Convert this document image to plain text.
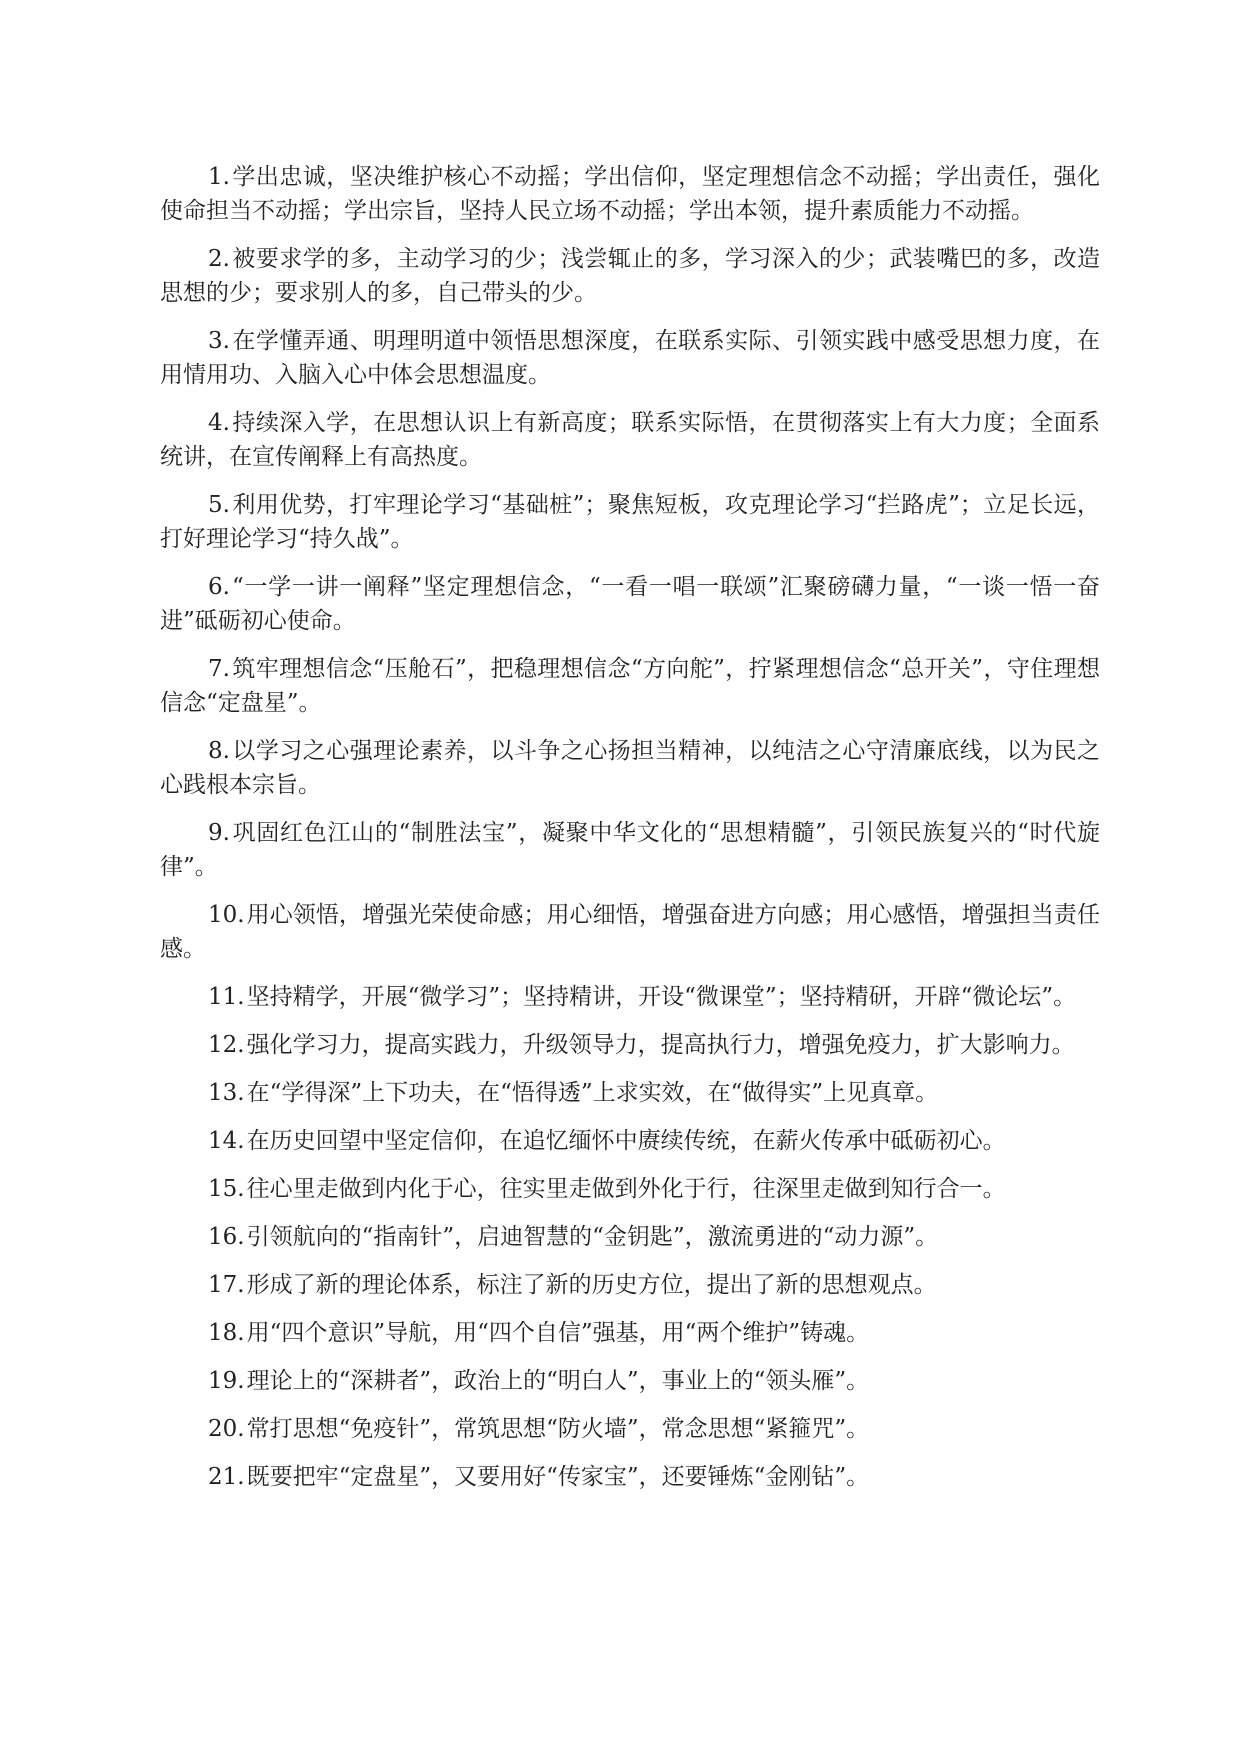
1.学出忠诚，坚决维护核心不动摇；学出信仰，坚定理想信念不动摇；学出责任，强化使命担当不动摇；学出宗旨，坚持人民立场不动摇；学出本领，提升素质能力不动摇。

2.被要求学的多，主动学习的少；浅尝辄止的多，学习深入的少；武装嘴巴的多，改造思想的少；要求别人的多，自己带头的少。

3.在学懂弄通、明理明道中领悟思想深度，在联系实际、引领实践中感受思想力度，在用情用功、入脑入心中体会思想温度。

4.持续深入学，在思想认识上有新高度；联系实际悟，在贯彻落实上有大力度；全面系统讲，在宣传阐释上有高热度。

5.利用优势，打牢理论学习“基础桩”；聚焦短板，攻克理论学习“拦路虎”；立足长远，打好理论学习“持久战”。

6.“一学一讲一阐释”坚定理想信念，“一看一唱一联颂”汇聚磅礴力量，“一谈一悟一奋进”砥砺初心使命。

7.筑牢理想信念“压舱石”，把稳理想信念“方向舵”，拧紧理想信念“总开关”，守住理想信念“定盘星”。

8.以学习之心强理论素养，以斗争之心扬担当精神，以纯洁之心守清廉底线，以为民之心践根本宗旨。

9.巩固红色江山的“制胜法宝”，凝聚中华文化的“思想精髓”，引领民族复兴的“时代旋律”。

10.用心领悟，增强光荣使命感；用心细悟，增强奋进方向感；用心感悟，增强担当责任感。

11.坚持精学，开展“微学习”；坚持精讲，开设“微课堂”；坚持精研，开辟“微论坛”。

12.强化学习力，提高实践力，升级领导力，提高执行力，增强免疫力，扩大影响力。

13.在“学得深”上下功夫，在“悟得透”上求实效，在“做得实”上见真章。

14.在历史回望中坚定信仰，在追忆缅怀中赓续传统，在薪火传承中砥砺初心。

15.往心里走做到内化于心，往实里走做到外化于行，往深里走做到知行合一。

16.引领航向的“指南针”，启迪智慧的“金钥匙”，激流勇进的“动力源”。

17.形成了新的理论体系，标注了新的历史方位，提出了新的思想观点。

18.用“四个意识”导航，用“四个自信”强基，用“两个维护”铸魂。

19.理论上的“深耕者”，政治上的“明白人”，事业上的“领头雁”。

20.常打思想“免疫针”，常筑思想“防火墙”，常念思想“紧箍咒”。

21.既要把牢“定盘星”，又要用好“传家宝”，还要锤炼“金刚钻”。
